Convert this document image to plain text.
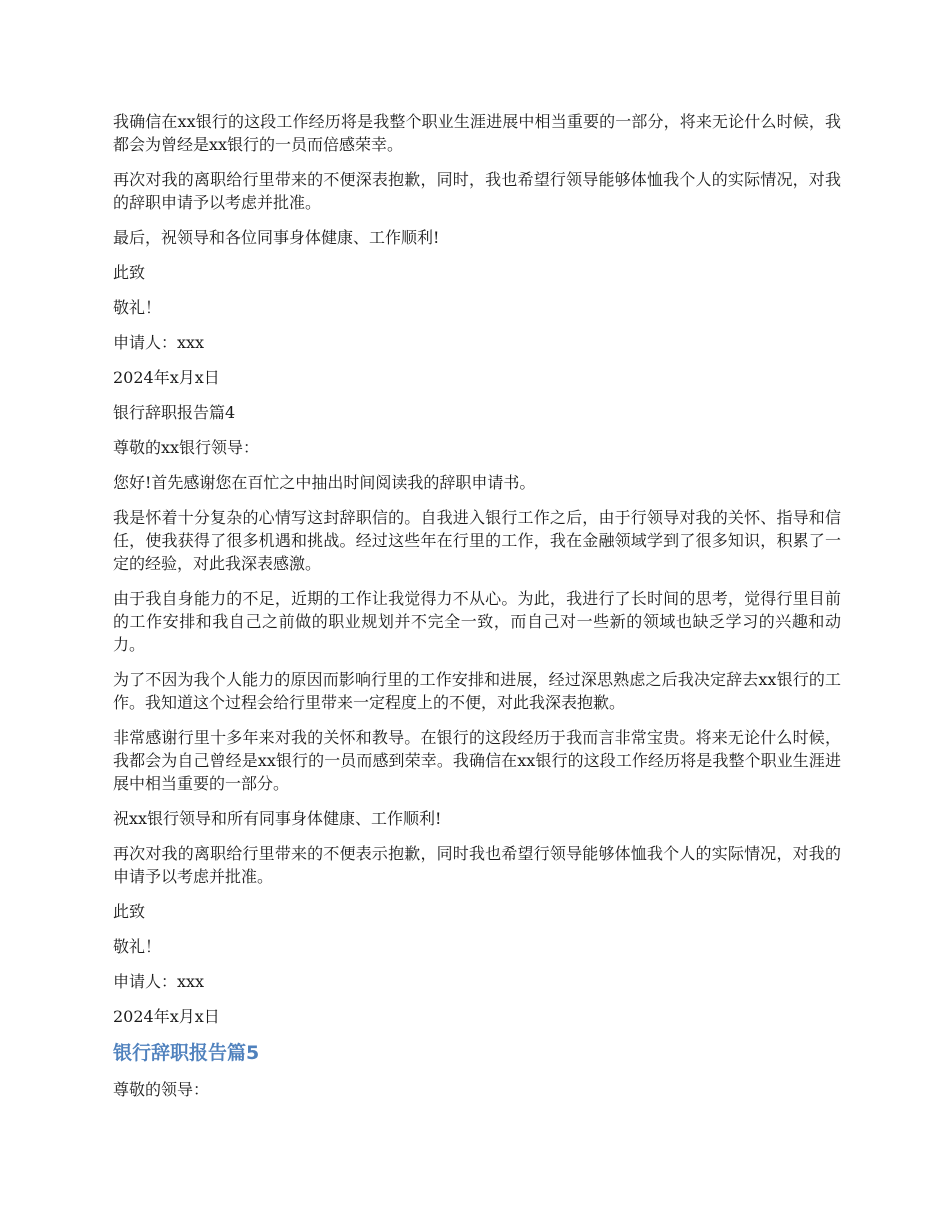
我确信在xx银行的这段工作经历将是我整个职业生涯进展中相当重要的一部分，将来无论什么时候，我都会为曾经是xx银行的一员而倍感荣幸。

再次对我的离职给行里带来的不便深表抱歉，同时，我也希望行领导能够体恤我个人的实际情况，对我的辞职申请予以考虑并批准。

最后，祝领导和各位同事身体健康、工作顺利!

此致

敬礼！

申请人：xxx

2024年x月x日

银行辞职报告篇4

尊敬的xx银行领导：

您好!首先感谢您在百忙之中抽出时间阅读我的辞职申请书。

我是怀着十分复杂的心情写这封辞职信的。自我进入银行工作之后，由于行领导对我的关怀、指导和信任，使我获得了很多机遇和挑战。经过这些年在行里的工作，我在金融领域学到了很多知识，积累了一定的经验，对此我深表感激。

由于我自身能力的不足，近期的工作让我觉得力不从心。为此，我进行了长时间的思考，觉得行里目前的工作安排和我自己之前做的职业规划并不完全一致，而自己对一些新的领域也缺乏学习的兴趣和动力。

为了不因为我个人能力的原因而影响行里的工作安排和进展，经过深思熟虑之后我决定辞去xx银行的工作。我知道这个过程会给行里带来一定程度上的不便，对此我深表抱歉。

非常感谢行里十多年来对我的关怀和教导。在银行的这段经历于我而言非常宝贵。将来无论什么时候，我都会为自己曾经是xx银行的一员而感到荣幸。我确信在xx银行的这段工作经历将是我整个职业生涯进展中相当重要的一部分。

祝xx银行领导和所有同事身体健康、工作顺利!

再次对我的离职给行里带来的不便表示抱歉，同时我也希望行领导能够体恤我个人的实际情况，对我的申请予以考虑并批准。

此致

敬礼！

申请人：xxx

2024年x月x日

银行辞职报告篇5

尊敬的领导：
